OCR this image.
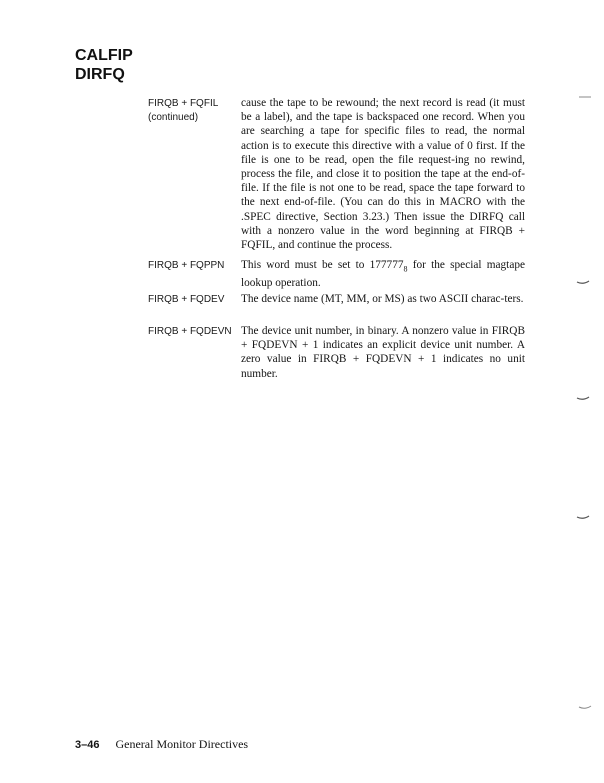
CALFIP
DIRFQ
FIRQB + FQFIL
(continued)
cause the tape to be rewound; the next record is read (it must be a label), and the tape is backspaced one record. When you are searching a tape for specific files to read, the normal action is to execute this directive with a value of 0 first. If the file is one to be read, open the file request-ing no rewind, process the file, and close it to position the tape at the end-of-file. If the file is not one to be read, space the tape forward to the next end-of-file. (You can do this in MACRO with the .SPEC directive, Section 3.23.) Then issue the DIRFQ call with a nonzero value in the word beginning at FIRQB + FQFIL, and continue the process.
FIRQB + FQPPN	This word must be set to $177777_8$ for the special magtape lookup operation.
FIRQB + FQDEV	The device name (MT, MM, or MS) as two ASCII charac-ters.
FIRQB + FQDEVN The device unit number, in binary. A nonzero value in FIRQB + FQDEVN + 1 indicates an explicit device unit number. A zero value in FIRQB + FQDEVN + 1 indicates no unit number.
3–46 General Monitor Directives
